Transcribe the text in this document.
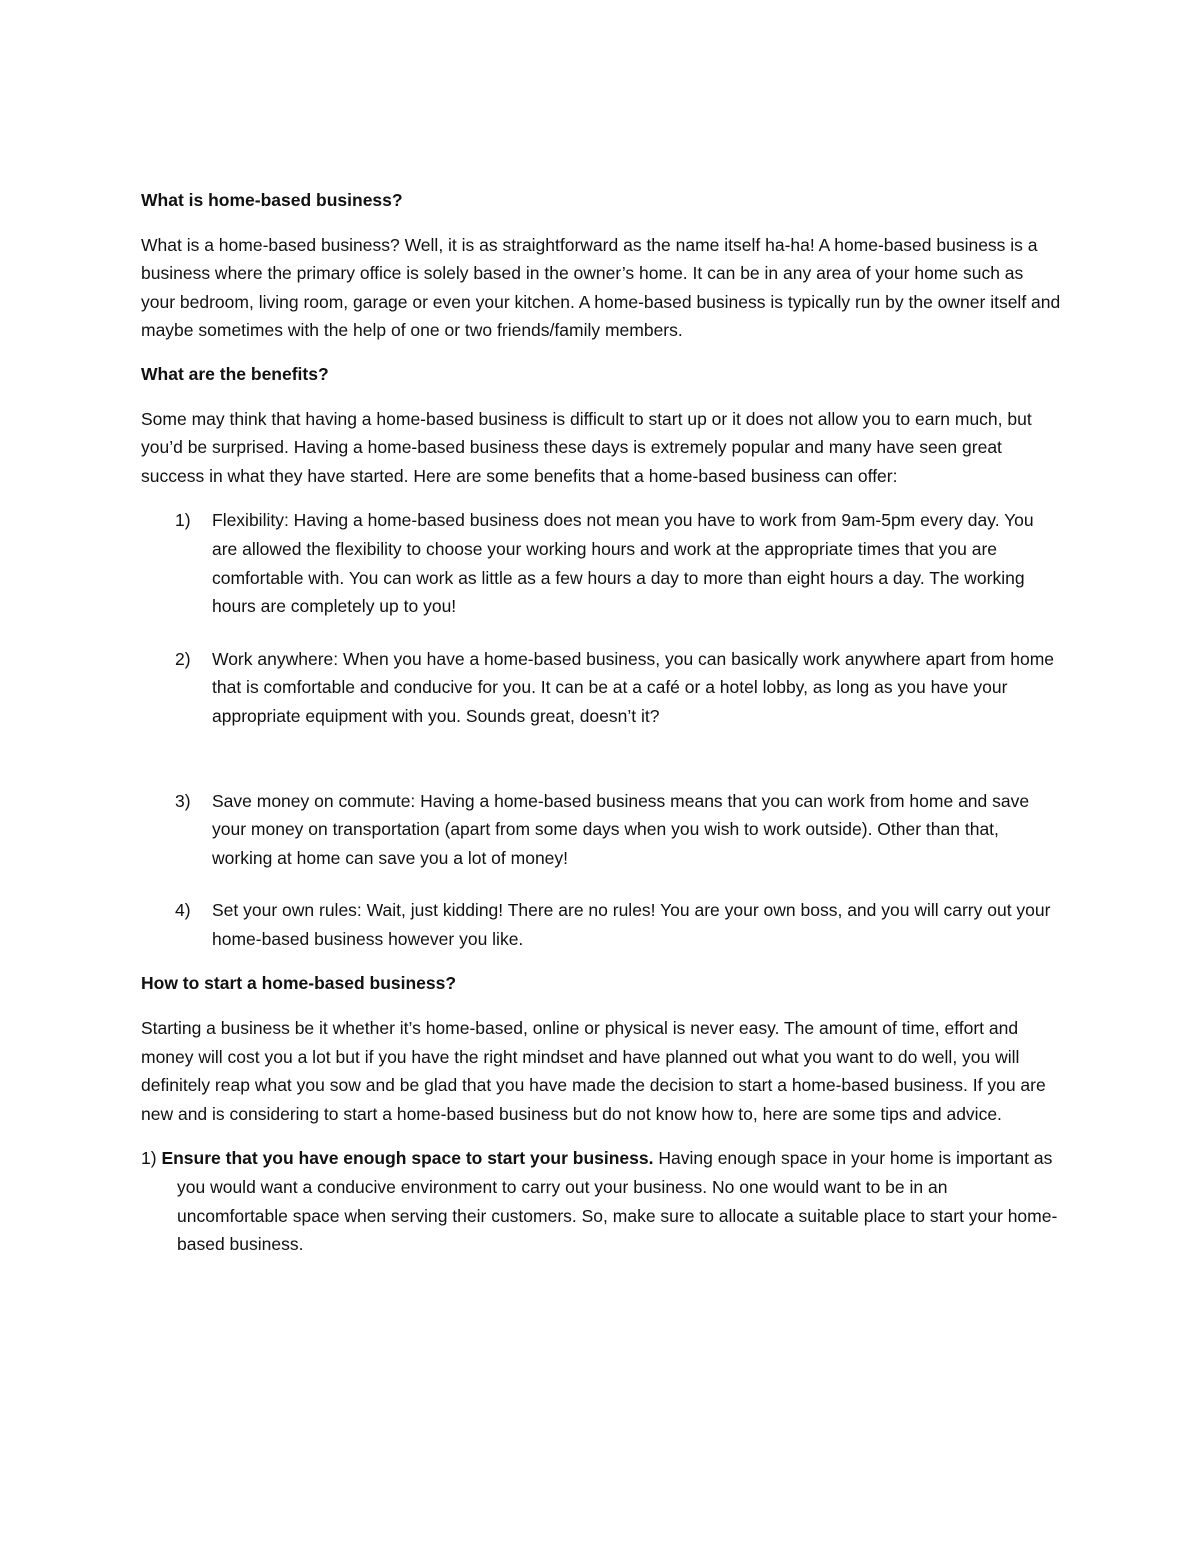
What is home-based business?

What is a home-based business? Well, it is as straightforward as the name itself ha-ha! A home-based business is a business where the primary office is solely based in the owner’s home. It can be in any area of your home such as your bedroom, living room, garage or even your kitchen. A home-based business is typically run by the owner itself and maybe sometimes with the help of one or two friends/family members.

What are the benefits?

Some may think that having a home-based business is difficult to start up or it does not allow you to earn much, but you’d be surprised. Having a home-based business these days is extremely popular and many have seen great success in what they have started. Here are some benefits that a home-based business can offer:

1) Flexibility: Having a home-based business does not mean you have to work from 9am-5pm every day. You are allowed the flexibility to choose your working hours and work at the appropriate times that you are comfortable with. You can work as little as a few hours a day to more than eight hours a day. The working hours are completely up to you!
2) Work anywhere: When you have a home-based business, you can basically work anywhere apart from home that is comfortable and conducive for you. It can be at a café or a hotel lobby, as long as you have your appropriate equipment with you. Sounds great, doesn’t it?
3) Save money on commute: Having a home-based business means that you can work from home and save your money on transportation (apart from some days when you wish to work outside). Other than that, working at home can save you a lot of money!
4) Set your own rules: Wait, just kidding! There are no rules! You are your own boss, and you will carry out your home-based business however you like.

How to start a home-based business?

Starting a business be it whether it’s home-based, online or physical is never easy. The amount of time, effort and money will cost you a lot but if you have the right mindset and have planned out what you want to do well, you will definitely reap what you sow and be glad that you have made the decision to start a home-based business. If you are new and is considering to start a home-based business but do not know how to, here are some tips and advice.

1) Ensure that you have enough space to start your business. Having enough space in your home is important as you would want a conducive environment to carry out your business. No one would want to be in an uncomfortable space when serving their customers. So, make sure to allocate a suitable place to start your home-based business.
